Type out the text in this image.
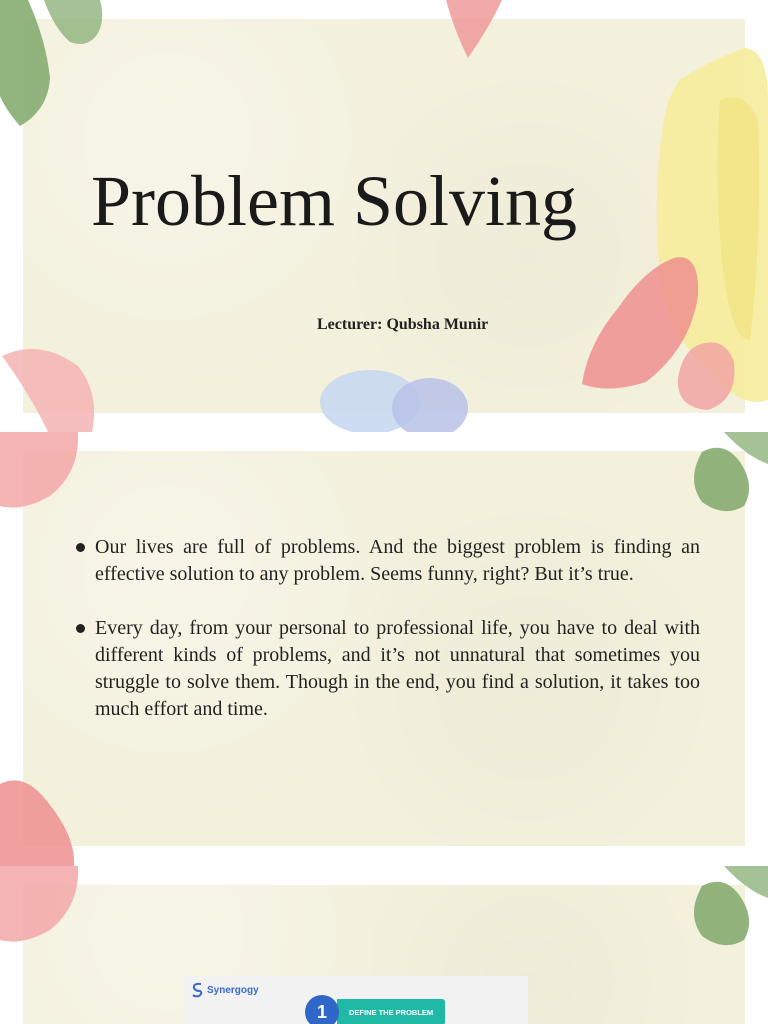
Problem Solving
Lecturer: Qubsha Munir
Our lives are full of problems. And the biggest problem is finding an effective solution to any problem. Seems funny, right? But it’s true.
Every day, from your personal to professional life, you have to deal with different kinds of problems, and it’s not unnatural that sometimes you struggle to solve them. Though in the end, you find a solution, it takes too much effort and time.
Synergogy
DEFINE THE PROBLEM
1
